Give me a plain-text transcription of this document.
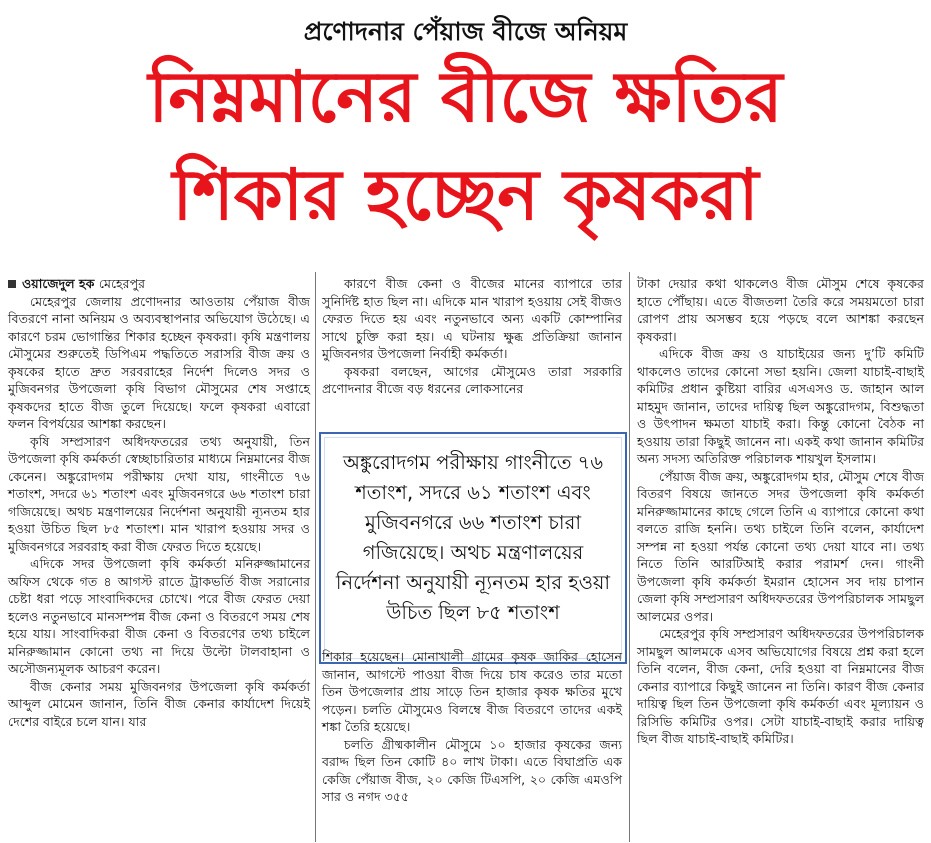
প্রণোদনার পেঁয়াজ বীজে অনিয়ম
নিম্নমানের বীজে ক্ষতির
শিকার হচ্ছেন কৃষকরা

ওয়াজেদুল হক মেহেরপুর

মেহেরপুর জেলায় প্রণোদনার আওতায় পেঁয়াজ বীজ বিতরণে নানা অনিয়ম ও অব্যবস্থাপনার অভিযোগ উঠেছে। এ কারণে চরম ভোগান্তির শিকার হচ্ছেন কৃষকরা। কৃষি মন্ত্রণালয় মৌসুমের শুরুতেই ডিপিএম পদ্ধতিতে সরাসরি বীজ ক্রয় ও কৃষকের হাতে দ্রুত সরবরাহের নির্দেশ দিলেও সদর ও মুজিবনগর উপজেলা কৃষি বিভাগ মৌসুমের শেষ সপ্তাহে কৃষকদের হাতে বীজ তুলে দিয়েছে। ফলে কৃষকরা এবারো ফলন বিপর্যয়ের আশঙ্কা করছেন।

কৃষি সম্প্রসারণ অধিদফতরের তথ্য অনুযায়ী, তিন উপজেলা কৃষি কর্মকর্তা স্বেচ্ছাচারিতার মাধ্যমে নিম্নমানের বীজ কেনেন। অঙ্কুরোদগম পরীক্ষায় দেখা যায়, গাংনীতে ৭৬ শতাংশ, সদরে ৬১ শতাংশ এবং মুজিবনগরে ৬৬ শতাংশ চারা গজিয়েছে। অথচ মন্ত্রণালয়ের নির্দেশনা অনুযায়ী ন্যূনতম হার হওয়া উচিত ছিল ৮৫ শতাংশ। মান খারাপ হওয়ায় সদর ও মুজিবনগরে সরবরাহ করা বীজ ফেরত দিতে হয়েছে।

এদিকে সদর উপজেলা কৃষি কর্মকর্তা মনিরুজ্জামানের অফিস থেকে গত ৪ আগস্ট রাতে ট্রাকভর্তি বীজ সরানোর চেষ্টা ধরা পড়ে সাংবাদিকদের চোখে। পরে বীজ ফেরত দেয়া হলেও নতুনভাবে মানসম্পন্ন বীজ কেনা ও বিতরণে সময় শেষ হয়ে যায়। সাংবাদিকরা বীজ কেনা ও বিতরণের তথ্য চাইলে মনিরুজ্জামান কোনো তথ্য না দিয়ে উল্টো টালবাহানা ও অসৌজন্যমূলক আচরণ করেন।

বীজ কেনার সময় মুজিবনগর উপজেলা কৃষি কর্মকর্তা আব্দুল মোমেন জানান, তিনি বীজ কেনার কার্যাদেশ দিয়েই দেশের বাইরে চলে যান। যার

কারণে বীজ কেনা ও বীজের মানের ব্যাপারে তার সুনির্দিষ্ট হাত ছিল না। এদিকে মান খারাপ হওয়ায় সেই বীজও ফেরত দিতে হয় এবং নতুনভাবে অন্য একটি কোম্পানির সাথে চুক্তি করা হয়। এ ঘটনায় ক্ষুব্ধ প্রতিক্রিয়া জানান মুজিবনগর উপজেলা নির্বাহী কর্মকর্তা।

কৃষকরা বলছেন, আগের মৌসুমেও তারা সরকারি প্রণোদনার বীজে বড় ধরনের লোকসানের

অঙ্কুরোদগম পরীক্ষায় গাংনীতে ৭৬ শতাংশ, সদরে ৬১ শতাংশ এবং মুজিবনগরে ৬৬ শতাংশ চারা গজিয়েছে। অথচ মন্ত্রণালয়ের নির্দেশনা অনুযায়ী ন্যূনতম হার হওয়া উচিত ছিল ৮৫ শতাংশ

শিকার হয়েছেন। মোনাখালী গ্রামের কৃষক জাকির হোসেন জানান, আগস্টে পাওয়া বীজ দিয়ে চাষ করেও তার মতো তিন উপজেলার প্রায় সাড়ে তিন হাজার কৃষক ক্ষতির মুখে পড়েন। চলতি মৌসুমেও বিলম্বে বীজ বিতরণে তাদের একই শঙ্কা তৈরি হয়েছে।

চলতি গ্রীষ্মকালীন মৌসুমে ১০ হাজার কৃষকের জন্য বরাদ্দ ছিল তিন কোটি ৪০ লাখ টাকা। এতে বিঘাপ্রতি এক কেজি পেঁয়াজ বীজ, ২০ কেজি টিএসপি, ২০ কেজি এমওপি সার ও নগদ ৩৫৫

টাকা দেয়ার কথা থাকলেও বীজ মৌসুম শেষে কৃষকের হাতে পৌঁছায়। এতে বীজতলা তৈরি করে সময়মতো চারা রোপণ প্রায় অসম্ভব হয়ে পড়ছে বলে আশঙ্কা করছেন কৃষকরা।

এদিকে বীজ ক্রয় ও যাচাইয়ের জন্য দু’টি কমিটি থাকলেও তাদের কোনো সভা হয়নি। জেলা যাচাই-বাছাই কমিটির প্রধান কুষ্টিয়া বারির এসএসও ড. জাহান আল মাহমুদ জানান, তাদের দায়িত্ব ছিল অঙ্কুরোদগম, বিশুদ্ধতা ও উৎপাদন ক্ষমতা যাচাই করা। কিন্তু কোনো বৈঠক না হওয়ায় তারা কিছুই জানেন না। একই কথা জানান কমিটির অন্য সদস্য অতিরিক্ত পরিচালক শায়খুল ইসলাম।

পেঁয়াজ বীজ ক্রয়, অঙ্কুরোদগম হার, মৌসুম শেষে বীজ বিতরণ বিষয়ে জানতে সদর উপজেলা কৃষি কর্মকর্তা মনিরুজ্জামানের কাছে গেলে তিনি এ ব্যাপারে কোনো কথা বলতে রাজি হননি। তথ্য চাইলে তিনি বলেন, কার্যাদেশ সম্পন্ন না হওয়া পর্যন্ত কোনো তথ্য দেয়া যাবে না। তথ্য নিতে তিনি আরটিআই করার পরামর্শ দেন। গাংনী উপজেলা কৃষি কর্মকর্তা ইমরান হোসেন সব দায় চাপান জেলা কৃষি সম্প্রসারণ অধিদফতরের উপপরিচালক সামছুল আলমের ওপর।

মেহেরপুর কৃষি সম্প্রসারণ অধিদফতরের উপপরিচালক সামছুল আলমকে এসব অভিযোগের বিষয়ে প্রশ্ন করা হলে তিনি বলেন, বীজ কেনা, দেরি হওয়া বা নিম্নমানের বীজ কেনার ব্যাপারে কিছুই জানেন না তিনি। কারণ বীজ কেনার দায়িত্ব ছিল তিন উপজেলা কৃষি কর্মকর্তা এবং মূল্যায়ন ও রিসিভি কমিটির ওপর। সেটা যাচাই-বাছাই করার দায়িত্ব ছিল বীজ যাচাই-বাছাই কমিটির।
